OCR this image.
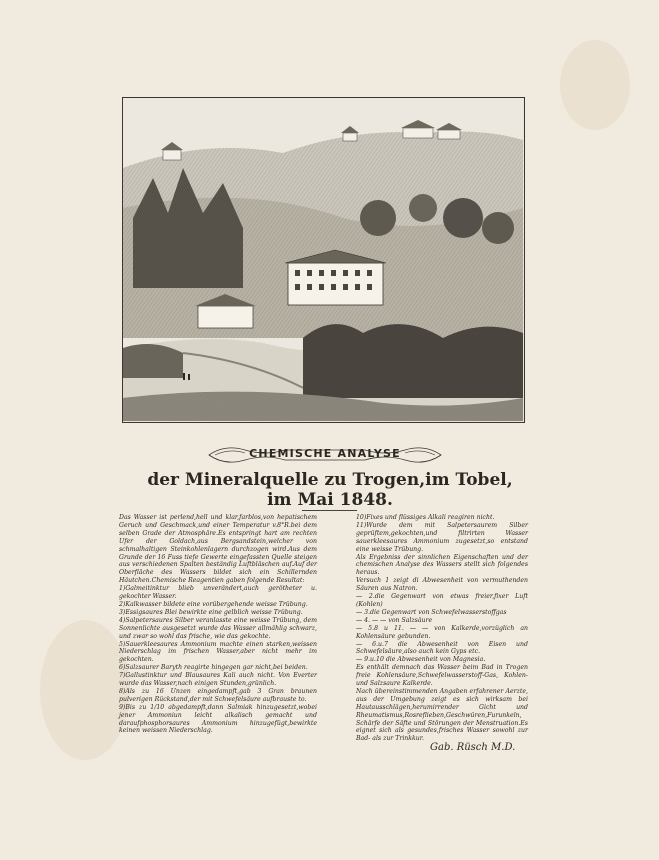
CHEMISCHE ANALYSE
der Mineralquelle zu Trogen,im Tobel,
im Mai 1848.

Das Wasser ist perlend,hell und klar,farblos,von hepatischem Geruch und Geschmack,und einer Temperatur v.8°R.bei dem selben Grade der Atmosphäre.Es entspringt hart am rechten Ufer der Goldach,aus Bergsandstein,welcher von schmalhaltigen Steinkohlenlagern durchzogen wird.Aus dem Grunde der 16 Fuss tiefe Gewerte eingefassten Quelle steigen aus verschiedenen Spalten beständig Luftbläschen auf.Auf der Oberfläche des Wassers bildet sich ein Schillernden Häutchen.Chemische Reagentien gaben folgende Resultat:

1)Galmeitinktur blieb unverändert,auch gerötheter u. gekochter Wasser.

2)Kalkwasser bildete eine vorübergehende weisse Trübung.

3)Essigsaures Blei bewirkte eine gelblich weisse Trübung.

4)Salpetersaures Silber veranlasste eine weisse Trübung, dem Sonnenlichte ausgesetzt wurde das Wasser allmählig schwarz, und zwar so wohl das frische, wie das gekochte.

5)Sauerkleesaures Ammonium machte einen starken,weissen Niederschlag im frischen Wasser,aber nicht mehr im gekochten.

6)Salzsaurer Baryth reagirte hingegen gar nicht,bei beiden.

7)Gallustinktur und Blausaures Kali auch nicht. Von Everter wurde das Wasser,nach einigen Stunden,grünlich.

8)Als zu 16 Unzen eingedampft,gab 3 Gran braunen pulverigen Rückstand,der mit Schwefelsäure aufbrauste to.

9)Bis zu 1/10 abgedampft,dann Salmiak hinzugesetzt,wobei jener Ammoniun leicht alkalisch gemacht und daraufphosphorsaures Ammonium hinzugefügt,bewirkte keinen weissen Niederschlag.

10)Fixes und flüssiges Alkali reagiren nicht.

11)Wurde dem mit Salpetersaurem Silber geprüftem,gekochten,und filtrirten Wasser sauerkleesaures Ammonium zugesetzt,so entstand eine weisse Trübung.

Als Ergebniss der sinnlichen Eigenschaften und der chemischen Analyse des Wassers stellt sich folgendes heraus.

Versuch 1 zeigt di Abwesenheit von vermuthenden Säuren aus Natron.

— 2.die Gegenwart von etwas freier,fixer Luft (Kohlen)

— 3.die Gegenwart von Schwefelwasserstoffgas

— 4. — — von Salzsäure

— 5.8 u 11. — — von Kalkerde,vorzüglich an Kohlensäure gebunden.

— 6.u.7 die Abwesenheit von Eisen und Schwefelsäure,also auch kein Gyps etc.

— 9.u.10 die Abwesenheit von Magnesia.

Es enthält demnach das Wasser beim Bad in Trogen freie Kohlensäure,Schwefelwasserstoff-Gas, Kohlen- und Salzsaure Kalkerde.

Nach übereinstimmenden Angaben erfahrener Aerzte, aus der Umgebung zeigt es sich wirksam bei Hautausschlägen,herumirrender Gicht und Rheumatismus,Rosreflieben,Geschwüren,Furunkeln, Schärfe der Säfte und Störungen der Menstruation.Es eignet sich als gesundes,frisches Wasser sowohl zur Bad- als zur Trinkkur.

Gab. Rüsch M.D.
